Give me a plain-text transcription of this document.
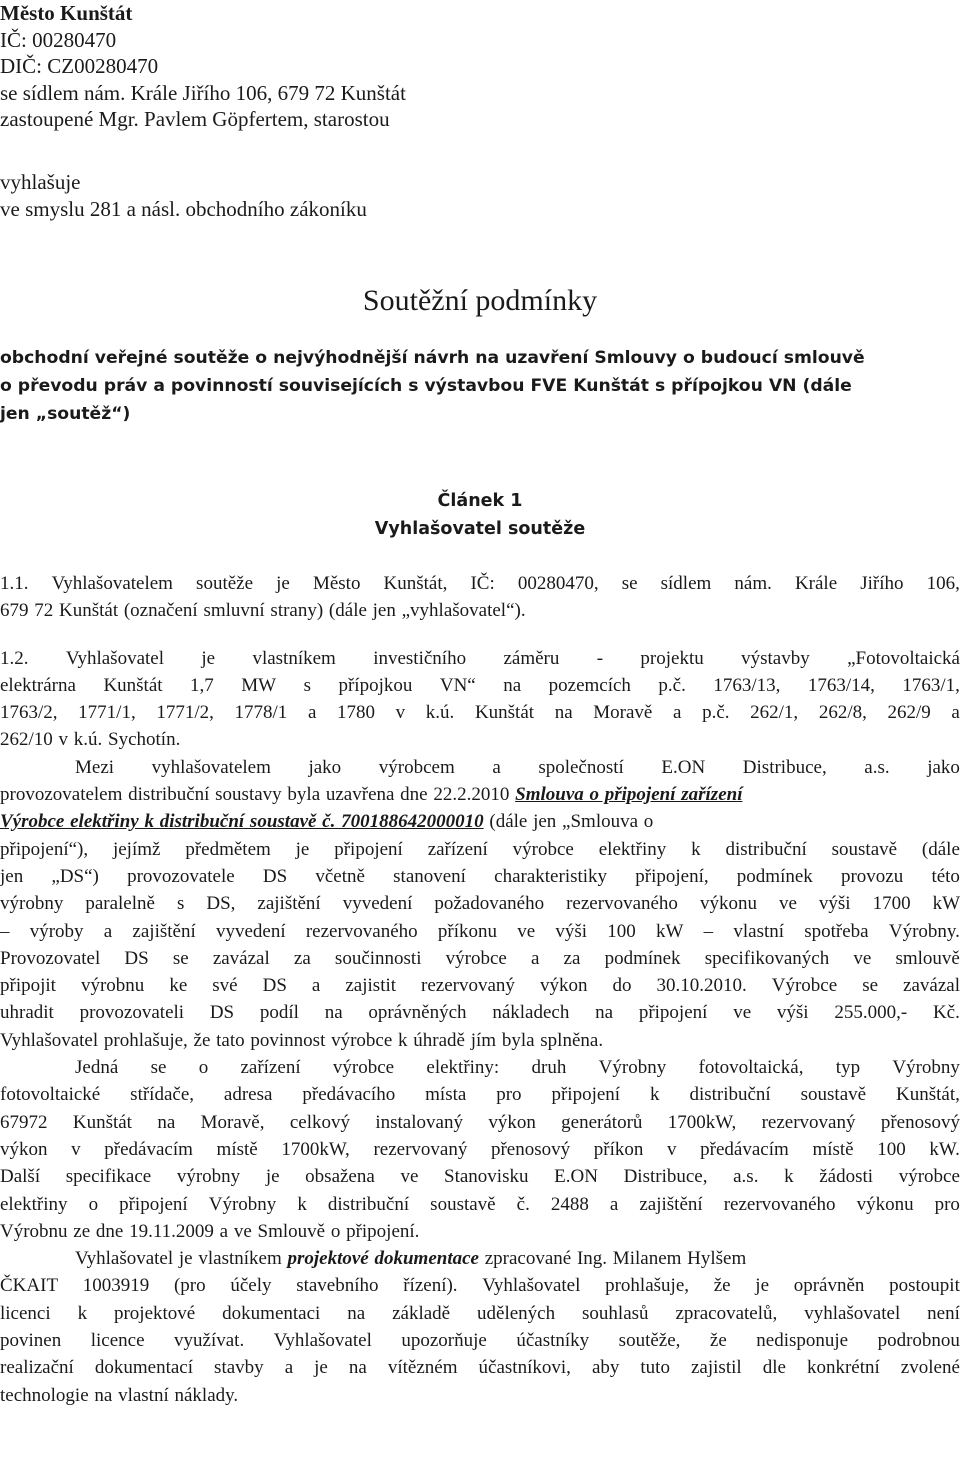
Město Kunštát
IČ: 00280470
DIČ: CZ00280470
se sídlem nám. Krále Jiřího 106, 679 72 Kunštát
zastoupené Mgr. Pavlem Göpfertem, starostou
vyhlašuje
ve smyslu 281 a násl. obchodního zákoníku
Soutěžní podmínky
obchodní veřejné soutěže o nejvýhodnější návrh na uzavření Smlouvy o budoucí smlouvě
o převodu práv a povinností souvisejících s výstavbou FVE Kunštát s přípojkou VN (dále
jen „soutěž“)
Článek 1
Vyhlašovatel soutěže
1.1. Vyhlašovatelem soutěže je Město Kunštát, IČ: 00280470, se sídlem nám. Krále Jiřího 106,
679 72 Kunštát (označení smluvní strany) (dále jen „vyhlašovatel“).
1.2. Vyhlašovatel je vlastníkem investičního záměru - projektu výstavby „Fotovoltaická
elektrárna Kunštát 1,7 MW s přípojkou VN“ na pozemcích p.č. 1763/13, 1763/14, 1763/1,
1763/2, 1771/1, 1771/2, 1778/1 a 1780 v k.ú. Kunštát na Moravě a p.č. 262/1, 262/8, 262/9 a
262/10 v k.ú. Sychotín.
Mezi vyhlašovatelem jako výrobcem a společností E.ON Distribuce, a.s. jako
provozovatelem distribuční soustavy byla uzavřena dne 22.2.2010 Smlouva o připojení zařízení
Výrobce elektřiny k distribuční soustavě č. 700188642000010 (dále jen „Smlouva o
připojení“), jejímž předmětem je připojení zařízení výrobce elektřiny k distribuční soustavě (dále
jen „DS“) provozovatele DS včetně stanovení charakteristiky připojení, podmínek provozu této
výrobny paralelně s DS, zajištění vyvedení požadovaného rezervovaného výkonu ve výši 1700 kW
– výroby a zajištění vyvedení rezervovaného příkonu ve výši 100 kW – vlastní spotřeba Výrobny.
Provozovatel DS se zavázal za součinnosti výrobce a za podmínek specifikovaných ve smlouvě
připojit výrobnu ke své DS a zajistit rezervovaný výkon do 30.10.2010. Výrobce se zavázal
uhradit provozovateli DS podíl na oprávněných nákladech na připojení ve výši 255.000,- Kč.
Vyhlašovatel prohlašuje, že tato povinnost výrobce k úhradě jím byla splněna.
Jedná se o zařízení výrobce elektřiny: druh Výrobny fotovoltaická, typ Výrobny
fotovoltaické střídače, adresa předávacího místa pro připojení k distribuční soustavě Kunštát,
67972 Kunštát na Moravě, celkový instalovaný výkon generátorů 1700kW, rezervovaný přenosový
výkon v předávacím místě 1700kW, rezervovaný přenosový příkon v předávacím místě 100 kW.
Další specifikace výrobny je obsažena ve Stanovisku E.ON Distribuce, a.s. k žádosti výrobce
elektřiny o připojení Výrobny k distribuční soustavě č. 2488 a zajištění rezervovaného výkonu pro
Výrobnu ze dne 19.11.2009 a ve Smlouvě o připojení.
Vyhlašovatel je vlastníkem projektové dokumentace zpracované Ing. Milanem Hylšem
ČKAIT 1003919 (pro účely stavebního řízení). Vyhlašovatel prohlašuje, že je oprávněn postoupit
licenci k projektové dokumentaci na základě udělených souhlasů zpracovatelů, vyhlašovatel není
povinen licence využívat. Vyhlašovatel upozorňuje účastníky soutěže, že nedisponuje podrobnou
realizační dokumentací stavby a je na vítězném účastníkovi, aby tuto zajistil dle konkrétní zvolené
technologie na vlastní náklady.
